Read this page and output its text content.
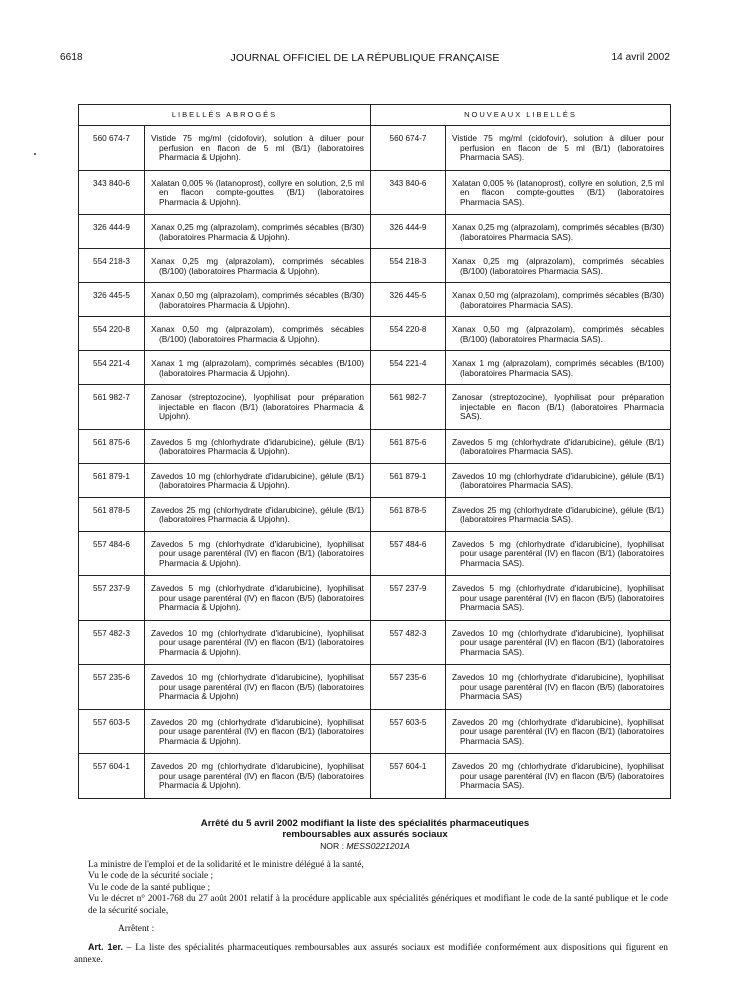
6618	JOURNAL OFFICIEL DE LA RÉPUBLIQUE FRANÇAISE	14 avril 2002
LIBELLÉS ABROGÉS		NOUVEAUX LIBELLÉS	
560 674-7	Vistide 75 mg/ml (cidofovir), solution à diluer pour perfusion en flacon de 5 ml (B/1) (laboratoires Pharmacia & Upjohn).	560 674-7	Vistide 75 mg/ml (cidofovir), solution à diluer pour perfusion en flacon de 5 ml (B/1) (laboratoires Pharmacia SAS).

343 840-6	Xalatan 0,005 % (latanoprost), collyre en solution, 2,5 ml en flacon compte-gouttes (B/1) (laboratoires Pharmacia & Upjohn).	343 840-6	Xalatan 0,005 % (latanoprost), collyre en solution, 2,5 ml en flacon compte-gouttes (B/1) (laboratoires Pharmacia SAS).

326 444-9	Xanax 0,25 mg (alprazolam), comprimés sécables (B/30) (laboratoires Pharmacia & Upjohn).	326 444-9	Xanax 0,25 mg (alprazolam), comprimés sécables (B/30) (laboratoires Pharmacia SAS).

554 218-3	Xanax 0,25 mg (alprazolam), comprimés sécables (B/100) (laboratoires Pharmacia & Upjohn).	554 218-3	Xanax 0,25 mg (alprazolam), comprimés sécables (B/100) (laboratoires Pharmacia SAS).

326 445-5	Xanax 0,50 mg (alprazolam), comprimés sécables (B/30) (laboratoires Pharmacia & Upjohn).	326 445-5	Xanax 0,50 mg (alprazolam), comprimés sécables (B/30) (laboratoires Pharmacia SAS).

554 220-8	Xanax 0,50 mg (alprazolam), comprimés sécables (B/100) (laboratoires Pharmacia & Upjohn).	554 220-8	Xanax 0,50 mg (alprazolam), comprimés sécables (B/100) (laboratoires Pharmacia SAS).

554 221-4	Xanax 1 mg (alprazolam), comprimés sécables (B/100) (laboratoires Pharmacia & Upjohn).	554 221-4	Xanax 1 mg (alprazolam), comprimés sécables (B/100) (laboratoires Pharmacia SAS).

561 982-7	Zanosar (streptozocine), lyophilisat pour préparation injectable en flacon (B/1) (laboratoires Pharmacia & Upjohn).	561 982-7	Zanosar (streptozocine), lyophilisat pour préparation injectable en flacon (B/1) (laboratoires Pharmacia SAS).

561 875-6	Zavedos 5 mg (chlorhydrate d'idarubicine), gélule (B/1) (laboratoires Pharmacia & Upjohn).	561 875-6	Zavedos 5 mg (chlorhydrate d'idarubicine), gélule (B/1) (laboratoires Pharmacia SAS).

561 879-1	Zavedos 10 mg (chlorhydrate d'idarubicine), gélule (B/1) (laboratoires Pharmacia & Upjohn).	561 879-1	Zavedos 10 mg (chlorhydrate d'idarubicine), gélule (B/1) (laboratoires Pharmacia SAS).

561 878-5	Zavedos 25 mg (chlorhydrate d'idarubicine), gélule (B/1) (laboratoires Pharmacia & Upjohn).	561 878-5	Zavedos 25 mg (chlorhydrate d'idarubicine), gélule (B/1) (laboratoires Pharmacia SAS).

557 484-6	Zavedos 5 mg (chlorhydrate d'idarubicine), lyophilisat pour usage parentéral (IV) en flacon (B/1) (laboratoires Pharmacia & Upjohn).	557 484-6	Zavedos 5 mg (chlorhydrate d'idarubicine), lyophilisat pour usage parentéral (IV) en flacon (B/1) (laboratoires Pharmacia SAS).

557 237-9	Zavedos 5 mg (chlorhydrate d'idarubicine), lyophilisat pour usage parentéral (IV) en flacon (B/5) (laboratoires Pharmacia & Upjohn).	557 237-9	Zavedos 5 mg (chlorhydrate d'idarubicine), lyophilisat pour usage parentéral (IV) en flacon (B/5) (laboratoires Pharmacia SAS).

557 482-3	Zavedos 10 mg (chlorhydrate d'idarubicine), lyophilisat pour usage parentéral (IV) en flacon (B/1) (laboratoires Pharmacia & Upjohn).	557 482-3	Zavedos 10 mg (chlorhydrate d'idarubicine), lyophilisat pour usage parentéral (IV) en flacon (B/1) (laboratoires Pharmacia SAS).

557 235-6	Zavedos 10 mg (chlorhydrate d'idarubicine), lyophilisat pour usage parentéral (IV) en flacon (B/5) (laboratoires Pharmacia & Upjohn)	557 235-6	Zavedos 10 mg (chlorhydrate d'idarubicine), lyophilisat pour usage parentéral (IV) en flacon (B/5) (laboratoires Pharmacia SAS)

557 603-5	Zavedos 20 mg (chlorhydrate d'idarubicine), lyophilisat pour usage parentéral (IV) en flacon (B/1) (laboratoires Pharmacia & Upjohn).	557 603-5	Zavedos 20 mg (chlorhydrate d'idarubicine), lyophilisat pour usage parentéral (IV) en flacon (B/1) (laboratoires Pharmacia SAS).

557 604-1	Zavedos 20 mg (chlorhydrate d'idarubicine), lyophilisat pour usage parentéral (IV) en flacon (B/5) (laboratoires Pharmacia & Upjohn).	557 604-1	Zavedos 20 mg (chlorhydrate d'idarubicine), lyophilisat pour usage parentéral (IV) en flacon (B/5) (laboratoires Pharmacia SAS).
Arrêté du 5 avril 2002 modifiant la liste des spécialités pharmaceutiques
remboursables aux assurés sociaux
NOR : MESS0221201A

La ministre de l'emploi et de la solidarité et le ministre délégué à la santé,

Vu le code de la sécurité sociale ;

Vu le code de la santé publique ;

Vu le décret n° 2001-768 du 27 août 2001 relatif à la procédure applicable aux spécialités génériques et modifiant le code de la santé publique et le code de la sécurité sociale,

Arrêtent :

Art. 1er. – La liste des spécialités pharmaceutiques remboursables aux assurés sociaux est modifiée conformément aux dispositions qui figurent en annexe.
